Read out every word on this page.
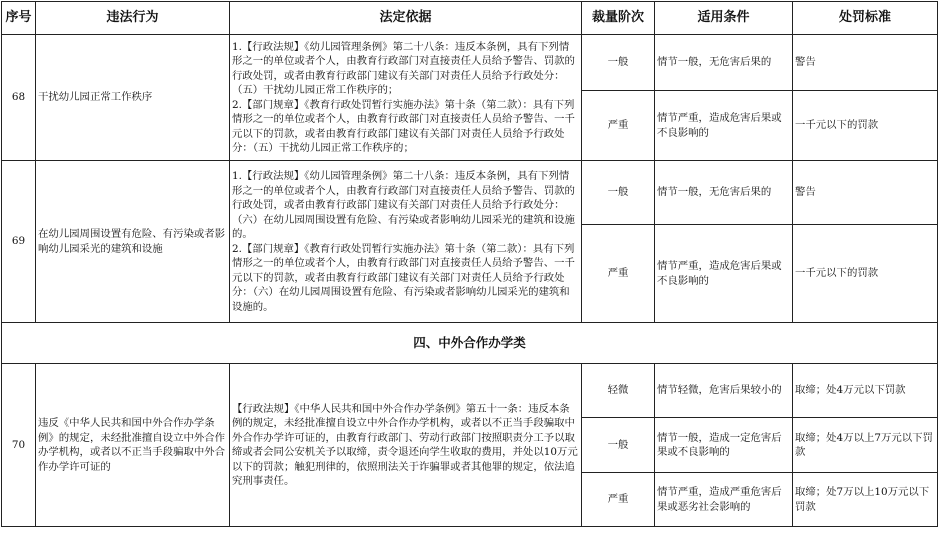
序号	违法行为	法定依据	裁量阶次	适用条件	处罚标准
68	干扰幼儿园正常工作秩序	1.【行政法规】《幼儿园管理条例》第二十八条：违反本条例，具有下列情形之一的单位或者个人，由教育行政部门对直接责任人员给予警告、罚款的行政处罚，或者由教育行政部门建议有关部门对责任人员给予行政处分：（五）干扰幼儿园正常工作秩序的；
2.【部门规章】《教育行政处罚暂行实施办法》第十条（第二款）：具有下列情形之一的单位或者个人，由教育行政部门对直接责任人员给予警告、一千元以下的罚款，或者由教育行政部门建议有关部门对责任人员给予行政处分：（五）干扰幼儿园正常工作秩序的；	一般	情节一般，无危害后果的	警告
			严重	情节严重，造成危害后果或不良影响的	一千元以下的罚款
69	在幼儿园周围设置有危险、有污染或者影响幼儿园采光的建筑和设施	1.【行政法规】《幼儿园管理条例》第二十八条：违反本条例，具有下列情形之一的单位或者个人，由教育行政部门对直接责任人员给予警告、罚款的行政处罚，或者由教育行政部门建议有关部门对责任人员给予行政处分：（六）在幼儿园周围设置有危险、有污染或者影响幼儿园采光的建筑和设施的。
2.【部门规章】《教育行政处罚暂行实施办法》第十条（第二款）：具有下列情形之一的单位或者个人，由教育行政部门对直接责任人员给予警告、一千元以下的罚款，或者由教育行政部门建议有关部门对责任人员给予行政处分：（六）在幼儿园周围设置有危险、有污染或者影响幼儿园采光的建筑和设施的。	一般	情节一般，无危害后果的	警告
			严重	情节严重，造成危害后果或不良影响的	一千元以下的罚款
四、中外合作办学类					
70	违反《中华人民共和国中外合作办学条例》的规定，未经批准擅自设立中外合作办学机构，或者以不正当手段骗取中外合作办学许可证的	【行政法规】《中华人民共和国中外合作办学条例》第五十一条：违反本条例的规定，未经批准擅自设立中外合作办学机构，或者以不正当手段骗取中外合作办学许可证的，由教育行政部门、劳动行政部门按照职责分工予以取缔或者会同公安机关予以取缔，责令退还向学生收取的费用，并处以10万元以下的罚款；触犯刑律的，依照刑法关于诈骗罪或者其他罪的规定，依法追究刑事责任。	轻微	情节轻微，危害后果较小的	取缔；处4万元以下罚款
			一般	情节一般，造成一定危害后果或不良影响的	取缔；处4万以上7万元以下罚款
			严重	情节严重，造成严重危害后果或恶劣社会影响的	取缔；处7万以上10万元以下罚款
